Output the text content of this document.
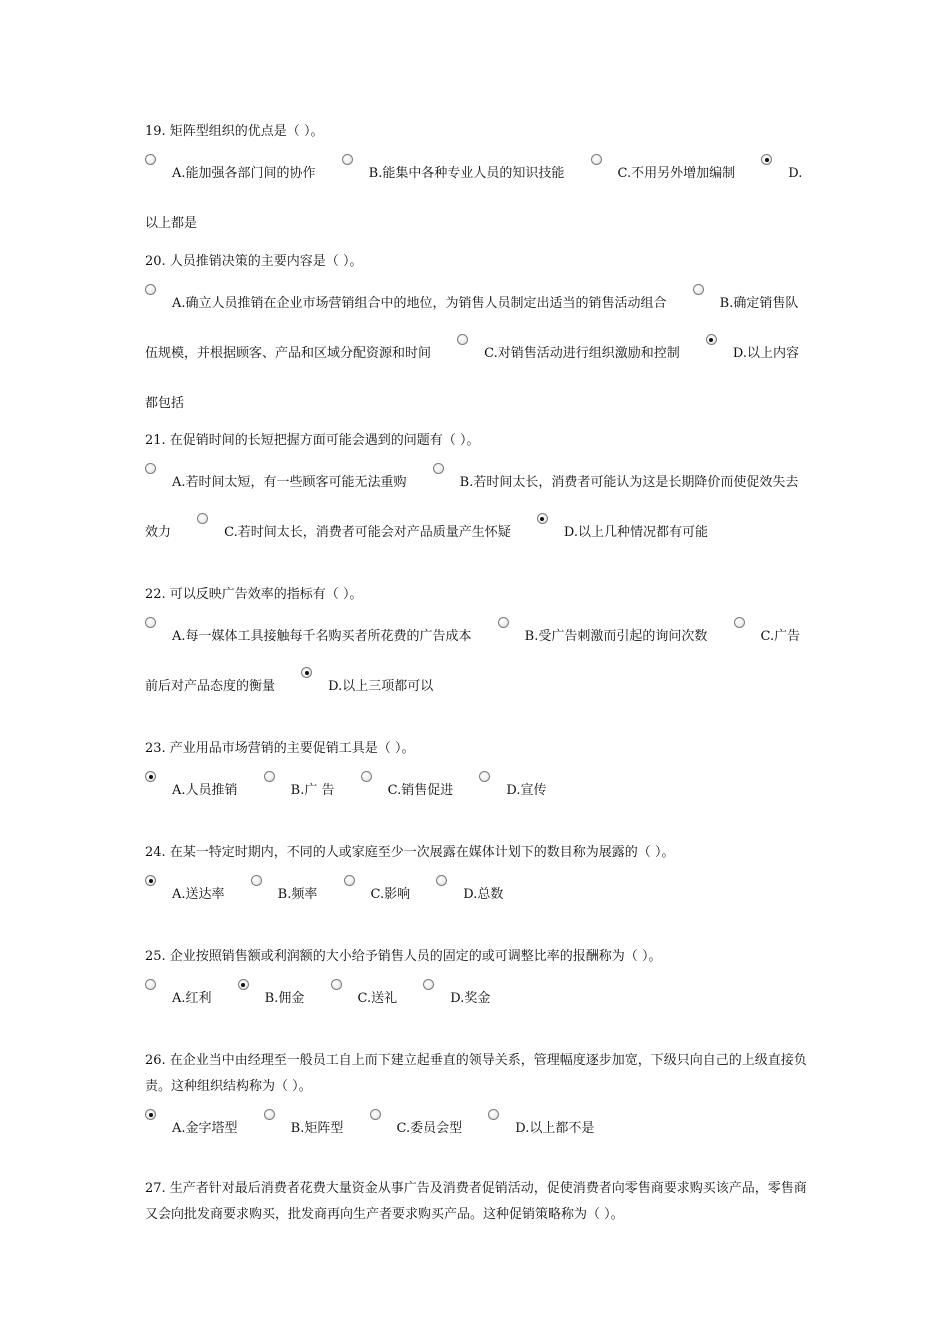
19. 矩阵型组织的优点是（ ）。

A.能加强各部门间的协作	B.能集中各种专业人员的知识技能	C.不用另外增加编制	D.以上都是

20. 人员推销决策的主要内容是（ ）。

A.确立人员推销在企业市场营销组合中的地位，为销售人员制定出适当的销售活动组合	B.确定销售队伍规模，并根据顾客、产品和区域分配资源和时间	C.对销售活动进行组织激励和控制	D.以上内容都包括

21. 在促销时间的长短把握方面可能会遇到的问题有（ ）。

A.若时间太短，有一些顾客可能无法重购	B.若时间太长，消费者可能认为这是长期降价而使促效失去效力	C.若时间太长，消费者可能会对产品质量产生怀疑	D.以上几种情况都有可能

22. 可以反映广告效率的指标有（ ）。

A.每一媒体工具接触每千名购买者所花费的广告成本	B.受广告刺激而引起的询问次数	C.广告前后对产品态度的衡量	D.以上三项都可以

23. 产业用品市场营销的主要促销工具是（ ）。

A.人员推销	B.广 告	C.销售促进	D.宣传

24. 在某一特定时期内，不同的人或家庭至少一次展露在媒体计划下的数目称为展露的（ ）。

A.送达率	B.频率	C.影响	D.总数

25. 企业按照销售额或利润额的大小给予销售人员的固定的或可调整比率的报酬称为（ ）。

A.红利	B.佣金	C.送礼	D.奖金

26. 在企业当中由经理至一般员工自上而下建立起垂直的领导关系，管理幅度逐步加宽，下级只向自己的上级直接负责。这种组织结构称为（ ）。

A.金字塔型	B.矩阵型	C.委员会型	D.以上都不是

27. 生产者针对最后消费者花费大量资金从事广告及消费者促销活动，促使消费者向零售商要求购买该产品，零售商又会向批发商要求购买，批发商再向生产者要求购买产品。这种促销策略称为（ ）。
